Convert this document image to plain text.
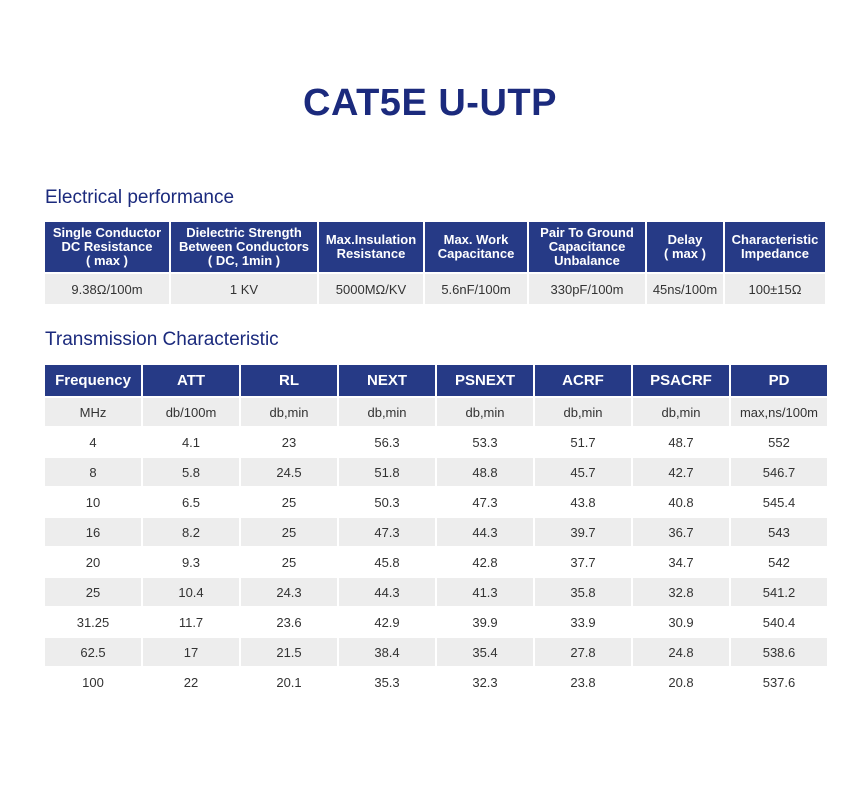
CAT5E U-UTP
Electrical performance
Single Conductor
DC Resistance
( max )	Dielectric Strength
Between Conductors
( DC, 1min )	Max.Insulation
Resistance	Max. Work
Capacitance	Pair To Ground
Capacitance
Unbalance	Delay
( max )	Characteristic
Impedance
9.38Ω/100m	1 KV	5000MΩ/KV	5.6nF/100m	330pF/100m	45ns/100m	100±15Ω
Transmission Characteristic
Frequency	ATT	RL	NEXT	PSNEXT	ACRF	PSACRF	PD
MHz	db/100m	db,min	db,min	db,min	db,min	db,min	max,ns/100m
4	4.1	23	56.3	53.3	51.7	48.7	552
8	5.8	24.5	51.8	48.8	45.7	42.7	546.7
10	6.5	25	50.3	47.3	43.8	40.8	545.4
16	8.2	25	47.3	44.3	39.7	36.7	543
20	9.3	25	45.8	42.8	37.7	34.7	542
25	10.4	24.3	44.3	41.3	35.8	32.8	541.2
31.25	11.7	23.6	42.9	39.9	33.9	30.9	540.4
62.5	17	21.5	38.4	35.4	27.8	24.8	538.6
100	22	20.1	35.3	32.3	23.8	20.8	537.6
